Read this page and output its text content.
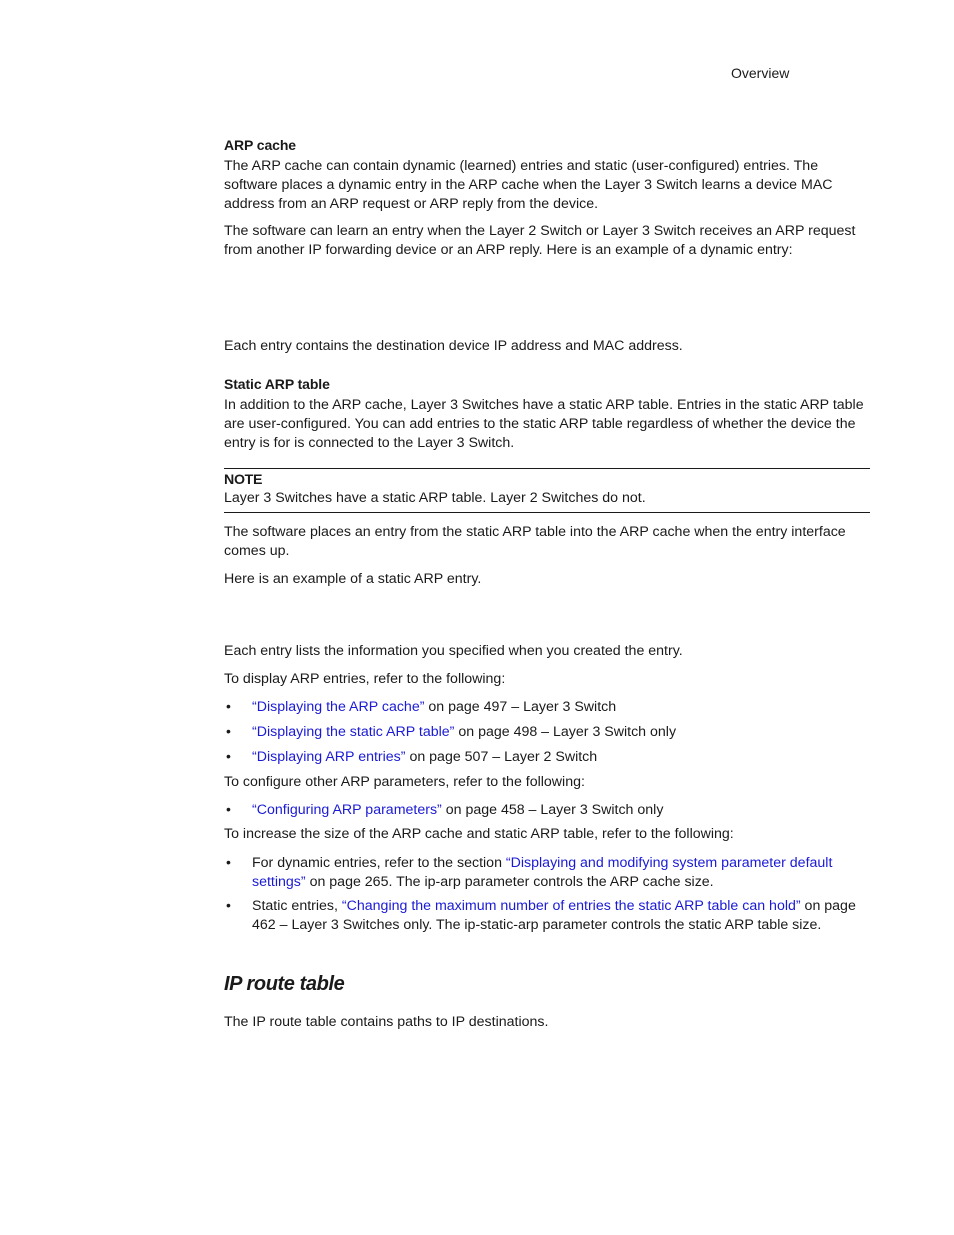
Overview
ARP cache

The ARP cache can contain dynamic (learned) entries and static (user-configured) entries. The software places a dynamic entry in the ARP cache when the Layer 3 Switch learns a device MAC address from an ARP request or ARP reply from the device.

The software can learn an entry when the Layer 2 Switch or Layer 3 Switch receives an ARP request from another IP forwarding device or an ARP reply. Here is an example of a dynamic entry:

Each entry contains the destination device IP address and MAC address.

Static ARP table

In addition to the ARP cache, Layer 3 Switches have a static ARP table. Entries in the static ARP table are user-configured. You can add entries to the static ARP table regardless of whether the device the entry is for is connected to the Layer 3 Switch.

NOTE

Layer 3 Switches have a static ARP table. Layer 2 Switches do not.

The software places an entry from the static ARP table into the ARP cache when the entry interface comes up.

Here is an example of a static ARP entry.

Each entry lists the information you specified when you created the entry.

To display ARP entries, refer to the following:

• “Displaying the ARP cache” on page 497 – Layer 3 Switch

• “Displaying the static ARP table” on page 498 – Layer 3 Switch only

• “Displaying ARP entries” on page 507 – Layer 2 Switch

To configure other ARP parameters, refer to the following:

• “Configuring ARP parameters” on page 458 – Layer 3 Switch only

To increase the size of the ARP cache and static ARP table, refer to the following:

• For dynamic entries, refer to the section “Displaying and modifying system parameter default settings” on page 265. The ip-arp parameter controls the ARP cache size.

• Static entries, “Changing the maximum number of entries the static ARP table can hold” on page 462 – Layer 3 Switches only. The ip-static-arp parameter controls the static ARP table size.

IP route table

The IP route table contains paths to IP destinations.
